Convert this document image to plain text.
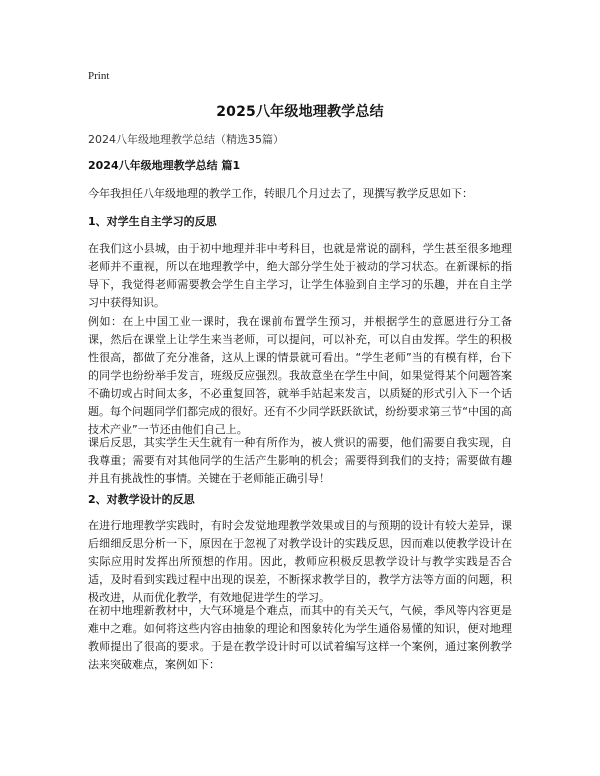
Print
2025八年级地理教学总结
2024八年级地理教学总结（精选35篇）
2024八年级地理教学总结 篇1
今年我担任八年级地理的教学工作，转眼几个月过去了，现撰写教学反思如下：
1、对学生自主学习的反思
在我们这小县城，由于初中地理并非中考科目，也就是常说的副科，学生甚至很多地理老师并不重视，所以在地理教学中，绝大部分学生处于被动的学习状态。在新课标的指导下，我觉得老师需要教会学生自主学习，让学生体验到自主学习的乐趣，并在自主学习中获得知识。
例如：在上中国工业一课时，我在课前布置学生预习，并根据学生的意愿进行分工备课，然后在课堂上让学生来当老师，可以提问，可以补充，可以自由发挥。学生的积极性很高，都做了充分准备，这从上课的情景就可看出。“学生老师”当的有模有样，台下的同学也纷纷举手发言，班级反应强烈。我故意坐在学生中间，如果觉得某个问题答案不确切或占时间太多，不必重复回答，就举手站起来发言，以质疑的形式引入下一个话题。每个问题同学们都完成的很好。还有不少同学跃跃欲试，纷纷要求第三节“中国的高技术产业”一节还由他们自己上。
课后反思，其实学生天生就有一种有所作为，被人赏识的需要，他们需要自我实现，自我尊重；需要有对其他同学的生活产生影响的机会；需要得到我们的支持；需要做有趣并且有挑战性的事情。关键在于老师能正确引导！
2、对教学设计的反思
在进行地理教学实践时，有时会发觉地理教学效果或目的与预期的设计有较大差异，课后细细反思分析一下，原因在于忽视了对教学设计的实践反思，因而难以使教学设计在实际应用时发挥出所预想的作用。因此，教师应积极反思教学设计与教学实践是否合适，及时看到实践过程中出现的误差，不断探求教学目的，教学方法等方面的问题，积极改进，从而优化教学，有效地促进学生的学习。
在初中地理新教材中，大气环境是个难点，而其中的有关天气，气候，季风等内容更是难中之难。如何将这些内容由抽象的理论和图象转化为学生通俗易懂的知识，便对地理教师提出了很高的要求。于是在教学设计时可以试着编写这样一个案例，通过案例教学法来突破难点，案例如下：
